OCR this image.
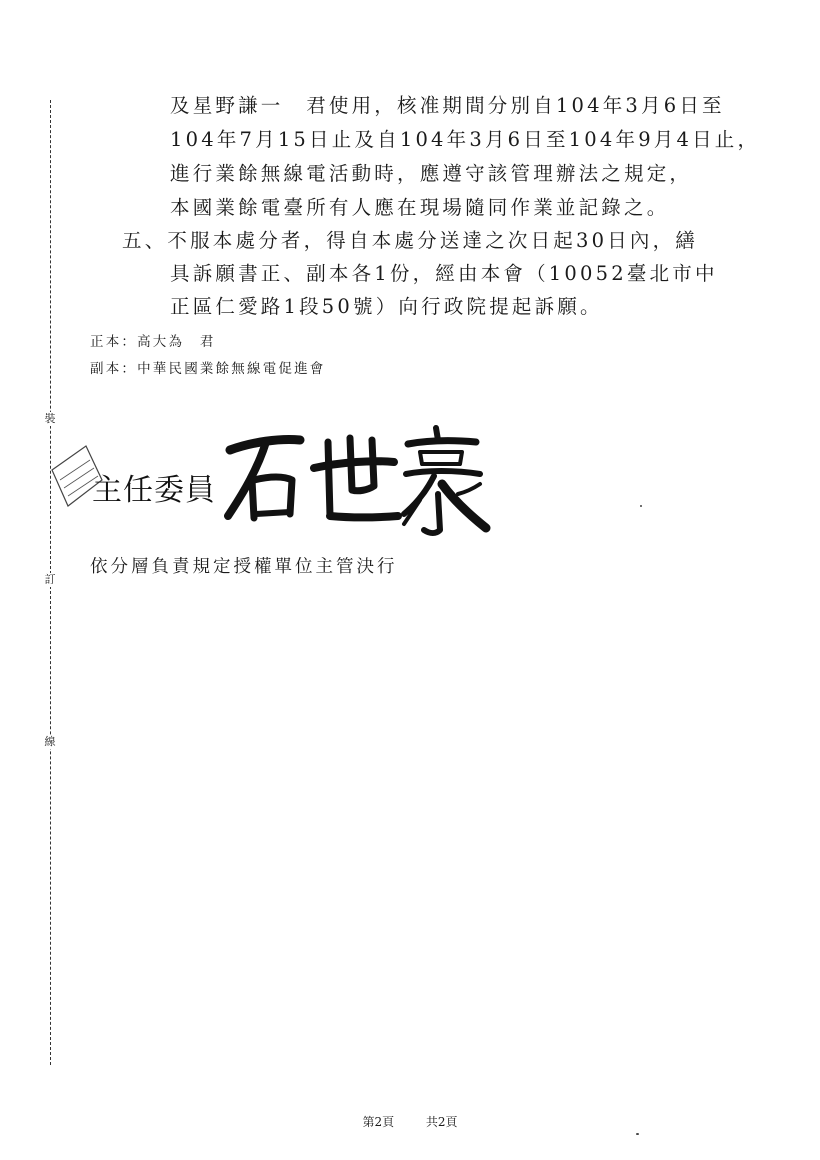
裝
訂
線
及星野謙一　君使用，核准期間分別自104年3月6日至
104年7月15日止及自104年3月6日至104年9月4日止，
進行業餘無線電活動時，應遵守該管理辦法之規定，
本國業餘電臺所有人應在現場隨同作業並記錄之。
五、不服本處分者，得自本處分送達之次日起30日內，繕
具訴願書正、副本各1份，經由本會（10052臺北市中
正區仁愛路1段50號）向行政院提起訴願。
正本：高大為　君
副本：中華民國業餘無線電促進會
主任委員
依分層負責規定授權單位主管決行
第2頁 　	共2頁
